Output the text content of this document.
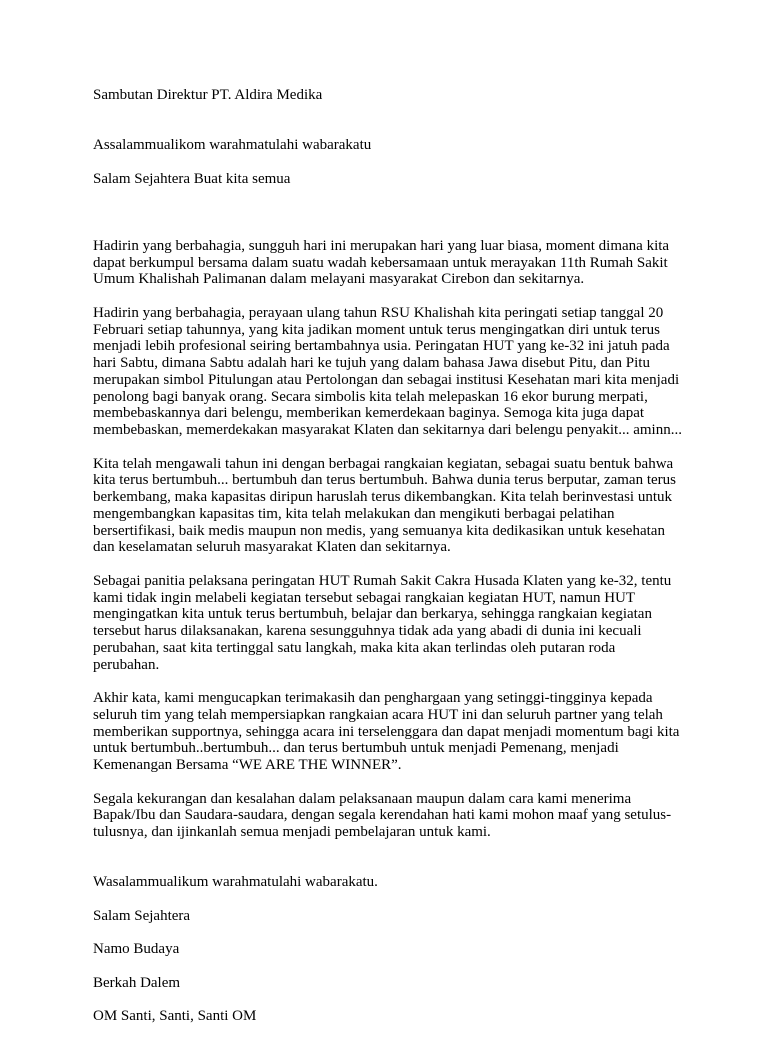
Sambutan Direktur PT. Aldira Medika

Assalammualikom warahmatulahi wabarakatu

Salam Sejahtera Buat kita semua

Hadirin yang berbahagia, sungguh hari ini merupakan hari yang luar biasa, moment dimana kita dapat berkumpul bersama dalam suatu wadah kebersamaan untuk merayakan 11th Rumah Sakit Umum Khalishah Palimanan dalam melayani masyarakat Cirebon dan sekitarnya.

Hadirin yang berbahagia, perayaan ulang tahun RSU Khalishah kita peringati setiap tanggal 20 Februari setiap tahunnya, yang kita jadikan moment untuk terus mengingatkan diri untuk terus menjadi lebih profesional seiring bertambahnya usia. Peringatan HUT yang ke-32 ini jatuh pada hari Sabtu, dimana Sabtu adalah hari ke tujuh yang dalam bahasa Jawa disebut Pitu, dan Pitu merupakan simbol Pitulungan atau Pertolongan dan sebagai institusi Kesehatan mari kita menjadi penolong bagi banyak orang. Secara simbolis kita telah melepaskan 16 ekor burung merpati, membebaskannya dari belengu, memberikan kemerdekaan baginya. Semoga kita juga dapat membebaskan, memerdekakan masyarakat Klaten dan sekitarnya dari belengu penyakit... aminn...

Kita telah mengawali tahun ini dengan berbagai rangkaian kegiatan, sebagai suatu bentuk bahwa kita terus bertumbuh... bertumbuh dan terus bertumbuh. Bahwa dunia terus berputar, zaman terus berkembang, maka kapasitas diripun haruslah terus dikembangkan. Kita telah berinvestasi untuk mengembangkan kapasitas tim, kita telah melakukan dan mengikuti berbagai pelatihan bersertifikasi, baik medis maupun non medis, yang semuanya kita dedikasikan untuk kesehatan dan keselamatan seluruh masyarakat Klaten dan sekitarnya.

Sebagai panitia pelaksana peringatan HUT Rumah Sakit Cakra Husada Klaten yang ke-32, tentu kami tidak ingin melabeli kegiatan tersebut sebagai rangkaian kegiatan HUT, namun HUT mengingatkan kita untuk terus bertumbuh, belajar dan berkarya, sehingga rangkaian kegiatan tersebut harus dilaksanakan, karena sesungguhnya tidak ada yang abadi di dunia ini kecuali perubahan, saat kita tertinggal satu langkah, maka kita akan terlindas oleh putaran roda perubahan.

Akhir kata, kami mengucapkan terimakasih dan penghargaan yang setinggi-tingginya kepada seluruh tim yang telah mempersiapkan rangkaian acara HUT ini dan seluruh partner yang telah memberikan supportnya, sehingga acara ini terselenggara dan dapat menjadi momentum bagi kita untuk bertumbuh..bertumbuh... dan terus bertumbuh untuk menjadi Pemenang, menjadi Kemenangan Bersama “WE ARE THE WINNER”.

Segala kekurangan dan kesalahan dalam pelaksanaan maupun dalam cara kami menerima Bapak/Ibu dan Saudara-saudara, dengan segala kerendahan hati kami mohon maaf yang setulus-tulusnya, dan ijinkanlah semua menjadi pembelajaran untuk kami.

Wasalammualikum warahmatulahi wabarakatu.

Salam Sejahtera

Namo Budaya

Berkah Dalem

OM Santi, Santi, Santi OM
